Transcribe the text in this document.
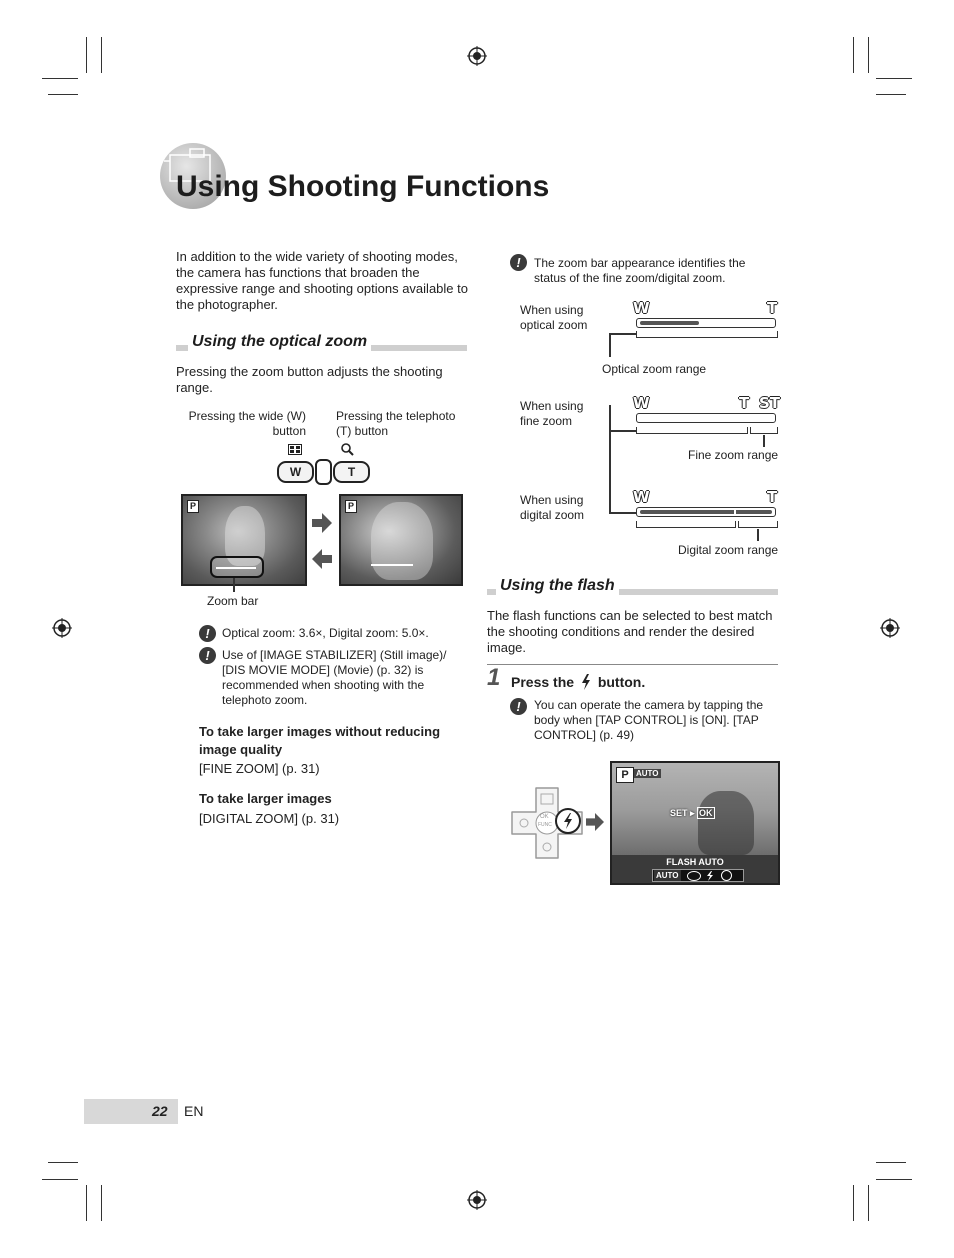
Using Shooting Functions
In addition to the wide variety of shooting modes, the camera has functions that broaden the expressive range and shooting options available to the photographer.
Using the optical zoom
Pressing the zoom button adjusts the shooting range.
Pressing the wide (W) button
Pressing the telephoto (T) button
W	T
P	P
Zoom bar
!	Optical zoom: 3.6×, Digital zoom: 5.0×.
!	Use of [IMAGE STABILIZER] (Still image)/ [DIS MOVIE MODE] (Movie) (p. 32) is recommended when shooting with the telephoto zoom.
To take larger images without reducing image quality
[FINE ZOOM] (p. 31)
To take larger images
[DIGITAL ZOOM] (p. 31)
!	The zoom bar appearance identifies the status of the fine zoom/digital zoom.
When using optical zoom
W	T
Optical zoom range
When using fine zoom
W	T ST
Fine zoom range
When using digital zoom
W	T
Digital zoom range
Using the flash
The flash functions can be selected to best match the shooting conditions and render the desired image.
1 Press the button.
!	You can operate the camera by tapping the body when [TAP CONTROL] is [ON]. [TAP CONTROL] (p. 49)
OK
FUNC
P AUTO
SET ▸ OK
FLASH AUTO
AUTO
22 EN
